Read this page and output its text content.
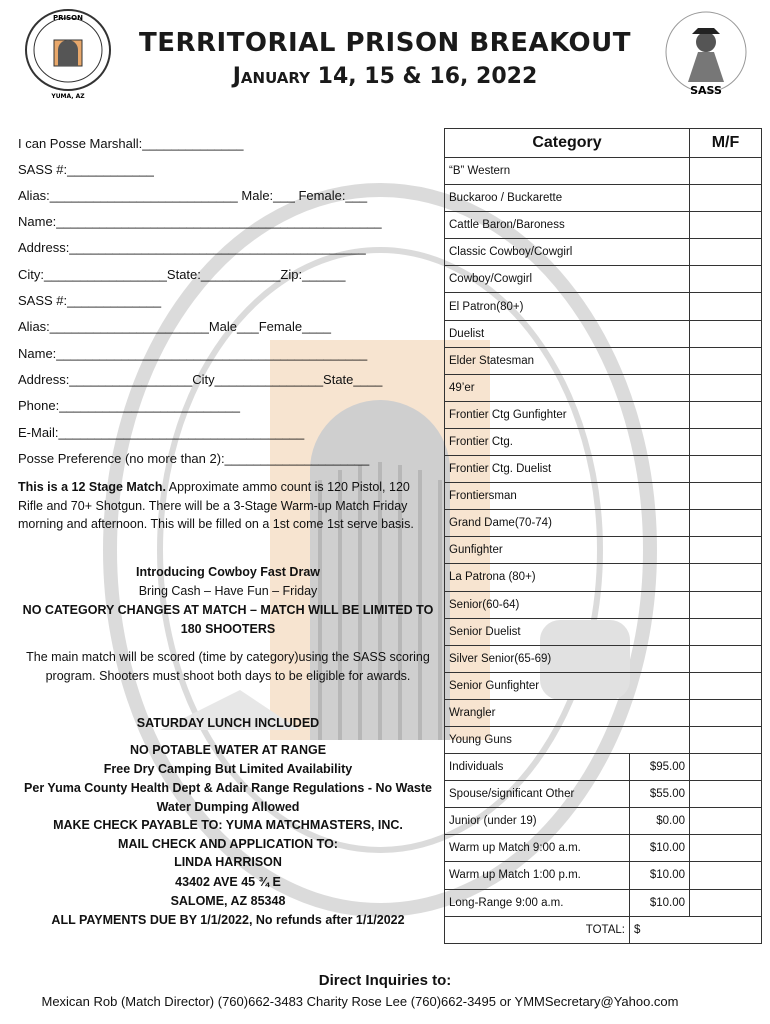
PRISON
YUMA, AZ	SASS
TERRITORIAL PRISON BREAKOUT
January 14, 15 & 16, 2022
I can Posse Marshall:______________
SASS #:____________
Alias:__________________________ Male:___ Female:___
Name:_____________________________________________
Address:_________________________________________
City:_________________State:___________Zip:______
SASS #:_____________
Alias:______________________Male___Female____
Name:___________________________________________
Address:_________________City_______________State____
Phone:_________________________
E-Mail:__________________________________
Posse Preference (no more than 2):____________________
This is a 12 Stage Match. Approximate ammo count is 120 Pistol, 120 Rifle and 70+ Shotgun. There will be a 3-Stage Warm-up Match Friday morning and afternoon. This will be filled on a 1st come 1st serve basis.
Introducing Cowboy Fast Draw
Bring Cash – Have Fun – Friday
NO CATEGORY CHANGES AT MATCH – MATCH WILL BE LIMITED TO 180 SHOOTERS
The main match will be scored (time by category)using the SASS scoring program. Shooters must shoot both days to be eligible for awards.
SATURDAY LUNCH INCLUDED
NO POTABLE WATER AT RANGE
Free Dry Camping But Limited Availability
Per Yuma County Health Dept & Adair Range Regulations - No Waste Water Dumping Allowed
MAKE CHECK PAYABLE TO: YUMA MATCHMASTERS, INC.
MAIL CHECK AND APPLICATION TO:
LINDA HARRISON
43402 AVE 45 ¾ E
SALOME, AZ 85348
ALL PAYMENTS DUE BY 1/1/2022, No refunds after 1/1/2022
Category		M/F
“B” Western		
Buckaroo / Buckarette		
Cattle Baron/Baroness		
Classic Cowboy/Cowgirl		
Cowboy/Cowgirl		
El Patron(80+)		
Duelist		
Elder Statesman		
49’er		
Frontier Ctg Gunfighter		
Frontier Ctg.		
Frontier Ctg. Duelist		
Frontiersman		
Grand Dame(70-74)		
Gunfighter		
La Patrona (80+)		
Senior(60-64)		
Senior Duelist		
Silver Senior(65-69)		
Senior Gunfighter		
Wrangler		
Young Guns		
Individuals	$95.00	
Spouse/significant Other	$55.00	
Junior (under 19)	$0.00	
Warm up Match 9:00 a.m.	$10.00	
Warm up Match 1:00 p.m.	$10.00	
Long-Range 9:00 a.m.	$10.00	
TOTAL:	$	
Direct Inquiries to:
Mexican Rob (Match Director) (760)662-3483 Charity Rose Lee (760)662-3495 or YMMSecretary@Yahoo.com
